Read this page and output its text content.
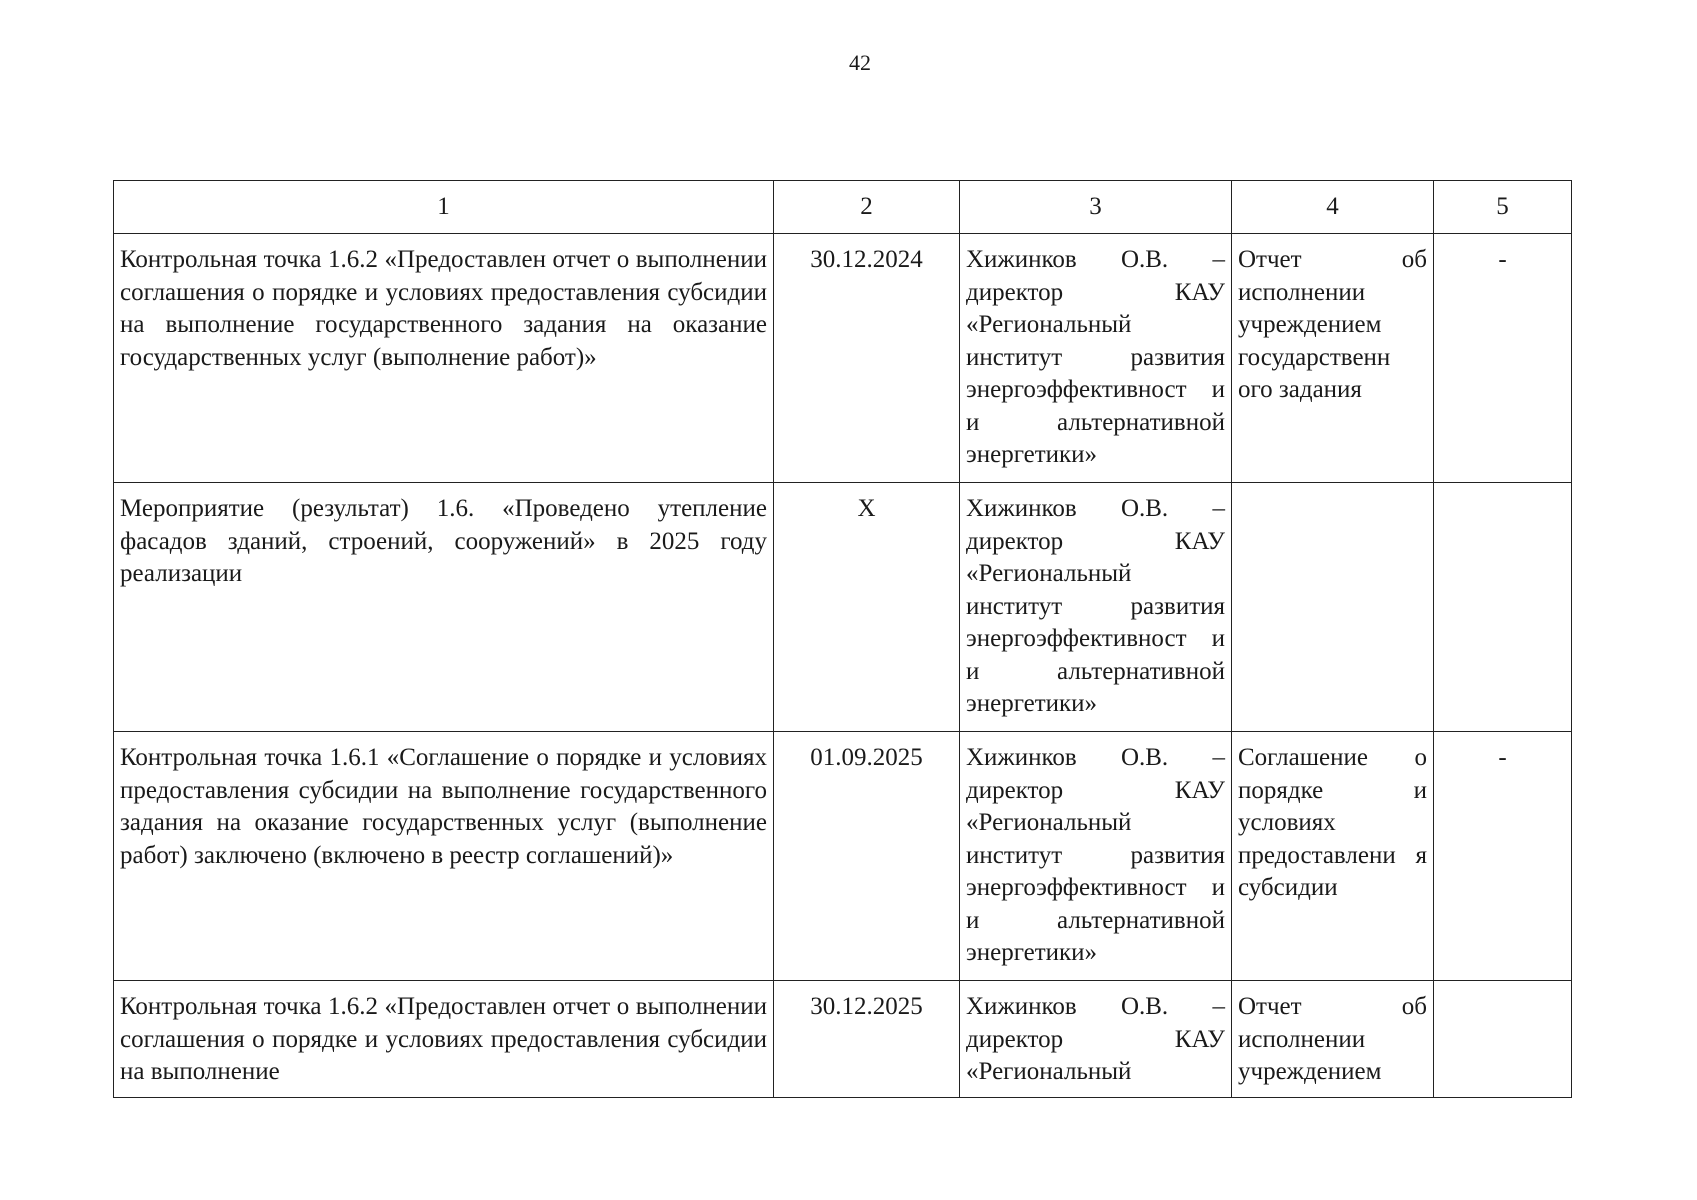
42
1	2	3	4	5

Контрольная точка 1.6.2 «Предоставлен отчет о выполнении соглашения о порядке и условиях предоставления субсидии на выполнение государственного задания на оказание государственных услуг (выполнение работ)»	30.12.2024	Хижинков О.В. – директор КАУ «Региональный институт развития энергоэффективност и и альтернативной энергетики»	Отчет об исполнении учреждением государственн ого задания	-

Мероприятие (результат) 1.6. «Проведено утепление фасадов зданий, строений, сооружений» в 2025 году реализации	Х	Хижинков О.В. – директор КАУ «Региональный институт развития энергоэффективност и и альтернативной энергетики»		

Контрольная точка 1.6.1 «Соглашение о порядке и условиях предоставления субсидии на выполнение государственного задания на оказание государственных услуг (выполнение работ) заключено (включено в реестр соглашений)»	01.09.2025	Хижинков О.В. – директор КАУ «Региональный институт развития энергоэффективност и и альтернативной энергетики»	Соглашение о порядке и условиях предоставлени я субсидии	-

Контрольная точка 1.6.2 «Предоставлен отчет о выполнении соглашения о порядке и условиях предоставления субсидии на выполнение	30.12.2025	Хижинков О.В. – директор КАУ «Региональный	Отчет об исполнении учреждением	
